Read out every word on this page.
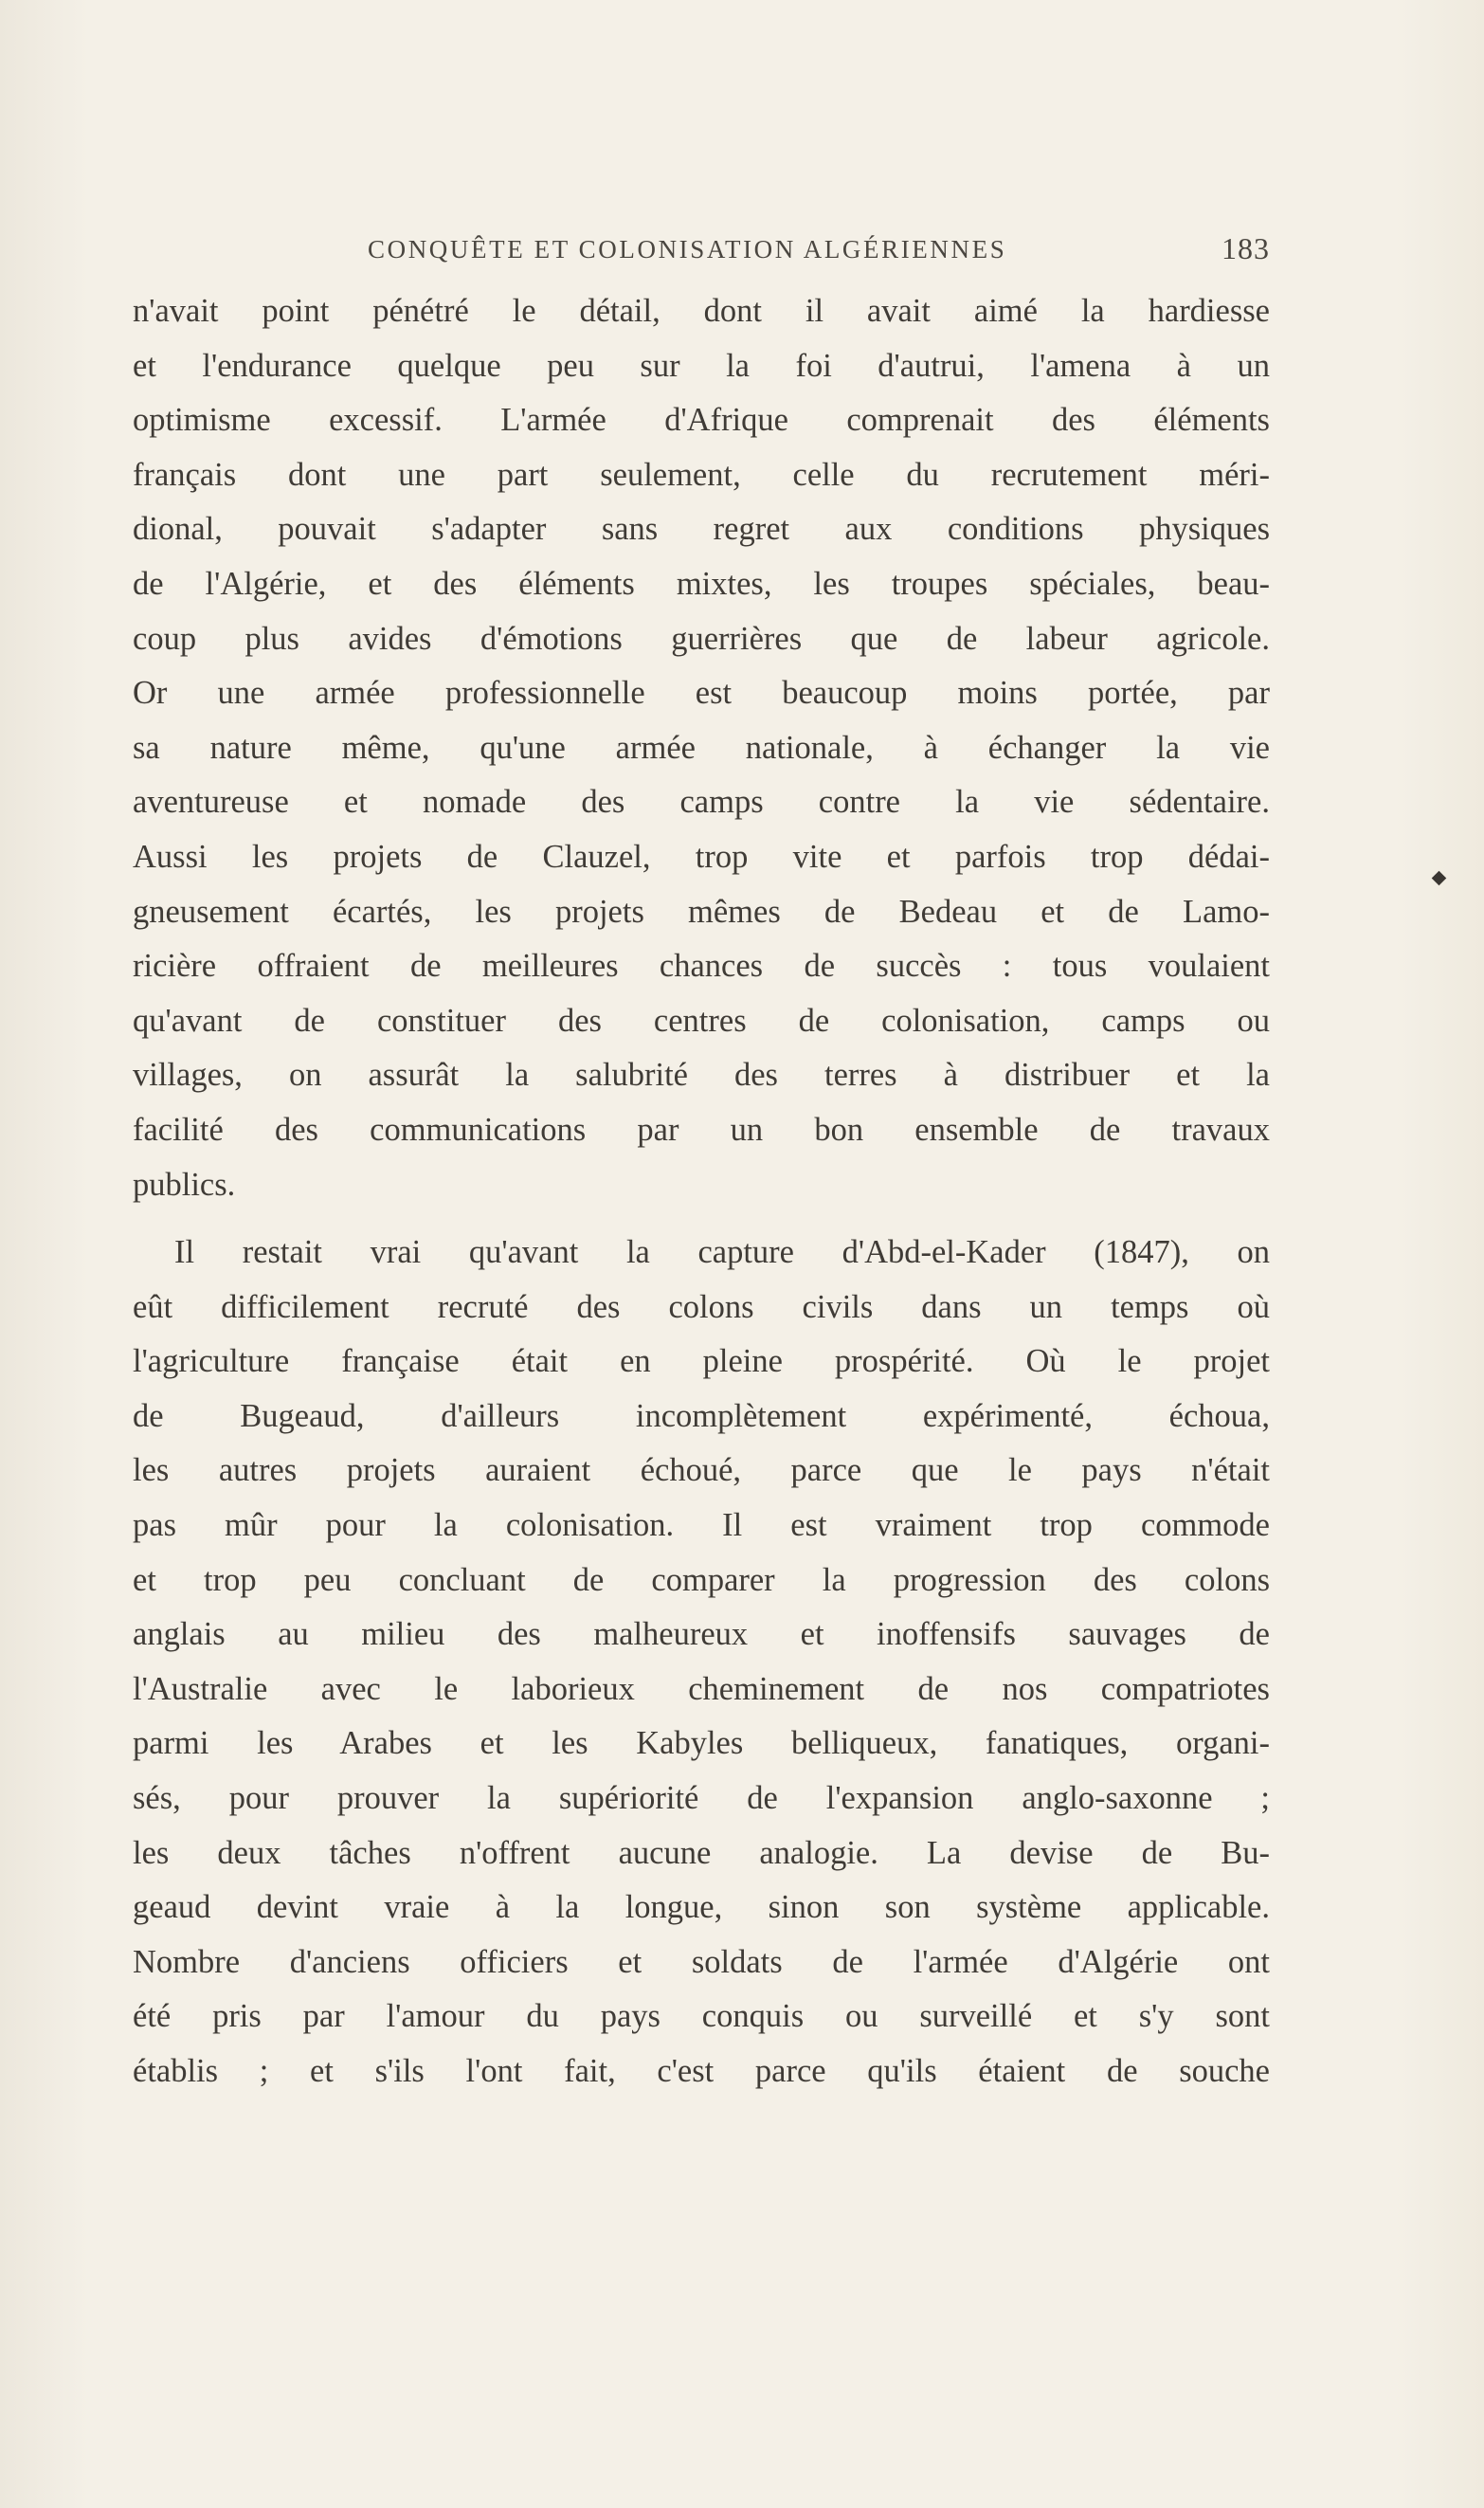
CONQUÊTE ET COLONISATION ALGÉRIENNES	183
n'avait point pénétré le détail, dont il avait aimé la hardiesse
et l'endurance quelque peu sur la foi d'autrui, l'amena à un
optimisme excessif. L'armée d'Afrique comprenait des éléments
français dont une part seulement, celle du recrutement méri-
dional, pouvait s'adapter sans regret aux conditions physiques
de l'Algérie, et des éléments mixtes, les troupes spéciales, beau-
coup plus avides d'émotions guerrières que de labeur agricole.
Or une armée professionnelle est beaucoup moins portée, par
sa nature même, qu'une armée nationale, à échanger la vie
aventureuse et nomade des camps contre la vie sédentaire.
Aussi les projets de Clauzel, trop vite et parfois trop dédai-
gneusement écartés, les projets mêmes de Bedeau et de Lamo-
ricière offraient de meilleures chances de succès : tous voulaient
qu'avant de constituer des centres de colonisation, camps ou
villages, on assurât la salubrité des terres à distribuer et la
facilité des communications par un bon ensemble de travaux
publics.
Il restait vrai qu'avant la capture d'Abd-el-Kader (1847), on
eût difficilement recruté des colons civils dans un temps où
l'agriculture française était en pleine prospérité. Où le projet
de Bugeaud, d'ailleurs incomplètement expérimenté, échoua,
les autres projets auraient échoué, parce que le pays n'était
pas mûr pour la colonisation. Il est vraiment trop commode
et trop peu concluant de comparer la progression des colons
anglais au milieu des malheureux et inoffensifs sauvages de
l'Australie avec le laborieux cheminement de nos compatriotes
parmi les Arabes et les Kabyles belliqueux, fanatiques, organi-
sés, pour prouver la supériorité de l'expansion anglo-saxonne ;
les deux tâches n'offrent aucune analogie. La devise de Bu-
geaud devint vraie à la longue, sinon son système applicable.
Nombre d'anciens officiers et soldats de l'armée d'Algérie ont
été pris par l'amour du pays conquis ou surveillé et s'y sont
établis ; et s'ils l'ont fait, c'est parce qu'ils étaient de souche
